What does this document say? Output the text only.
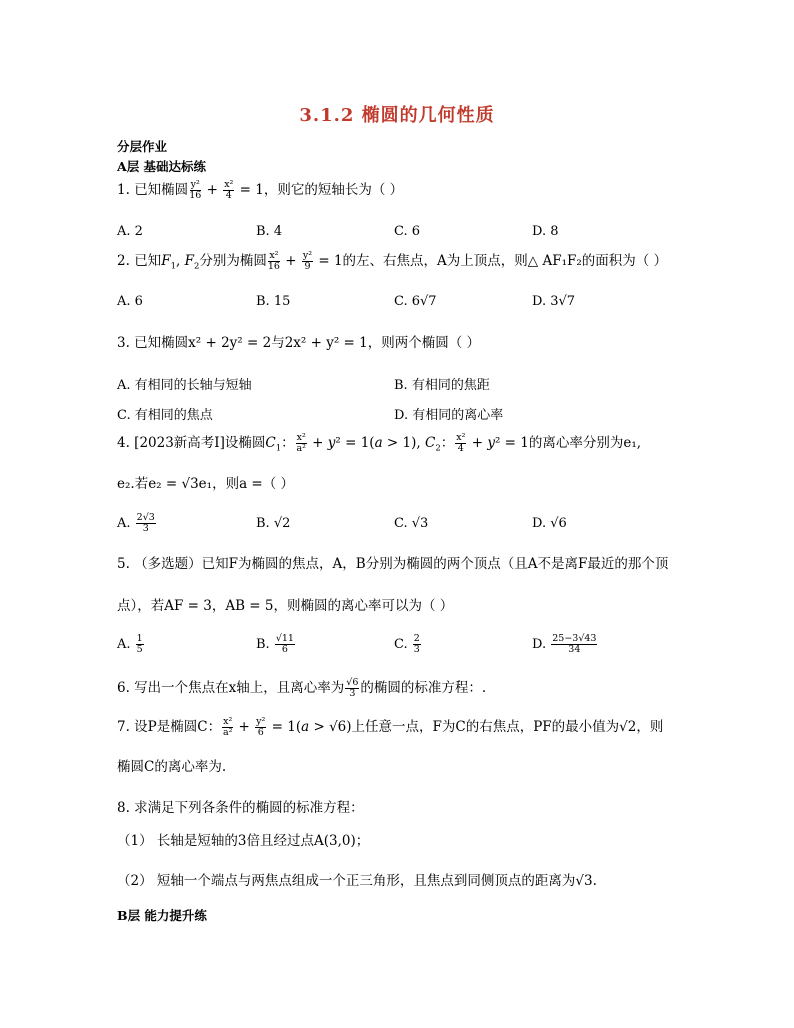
3.1.2 椭圆的几何性质
分层作业
A层 基础达标练
1. 已知椭圆 $\frac{\text{y²}}{16} + \frac{\text{x²}}{4} = 1$，则它的短轴长为（ ）
A. 2	B. 4	C. 6	D. 8
2. 已知$F_1$, $F_2$分别为椭圆 $\frac{\text{x²}}{16} + \frac{\text{y²}}{9} = 1$的左、右焦点，A为上顶点，则△ AF₁F₂的面积为（ ）
A. 6	B. 15	C. 6√7	D. 3√7
3. 已知椭圆x² + 2y² = 2与2x² + y² = 1，则两个椭圆（ ）
A. 有相同的长轴与短轴	B. 有相同的焦距
C. 有相同的焦点	D. 有相同的离心率
4. [2023新高考Ⅰ]设椭圆$C_1$： $\frac{\text{x²}}{\text{a²}} + y^2 = 1(a > 1)$, $C_2$： $\frac{\text{x²}}{4} + y^2 = 1$的离心率分别为e₁,
e₂.若e₂ = √3e₁，则a =（ ）
A. $\frac{2√3}{3}$	B. √2	C. √3	D. √6
5. （多选题）已知F为椭圆的焦点，A，B分别为椭圆的两个顶点（且A不是离F最近的那个顶
点），若AF = 3，AB = 5，则椭圆的离心率可以为（ ）
A. $\frac{1}{5}$	B. $\frac{√11}{6}$	C. $\frac{2}{3}$	D. $\frac{25-3√43}{34}$
6. 写出一个焦点在x轴上，且离心率为 $\frac{√6}{3}$ 的椭圆的标准方程：.
7. 设P是椭圆C： $\frac{\text{x²}}{\text{a²}} + \frac{\text{y²}}{6} = 1(a > √6)$上任意一点，F为C的右焦点，PF的最小值为√2，则
椭圆C的离心率为.
8. 求满足下列各条件的椭圆的标准方程：
（1） 长轴是短轴的3倍且经过点A(3,0)；
（2） 短轴一个端点与两焦点组成一个正三角形，且焦点到同侧顶点的距离为√3.
B层 能力提升练
